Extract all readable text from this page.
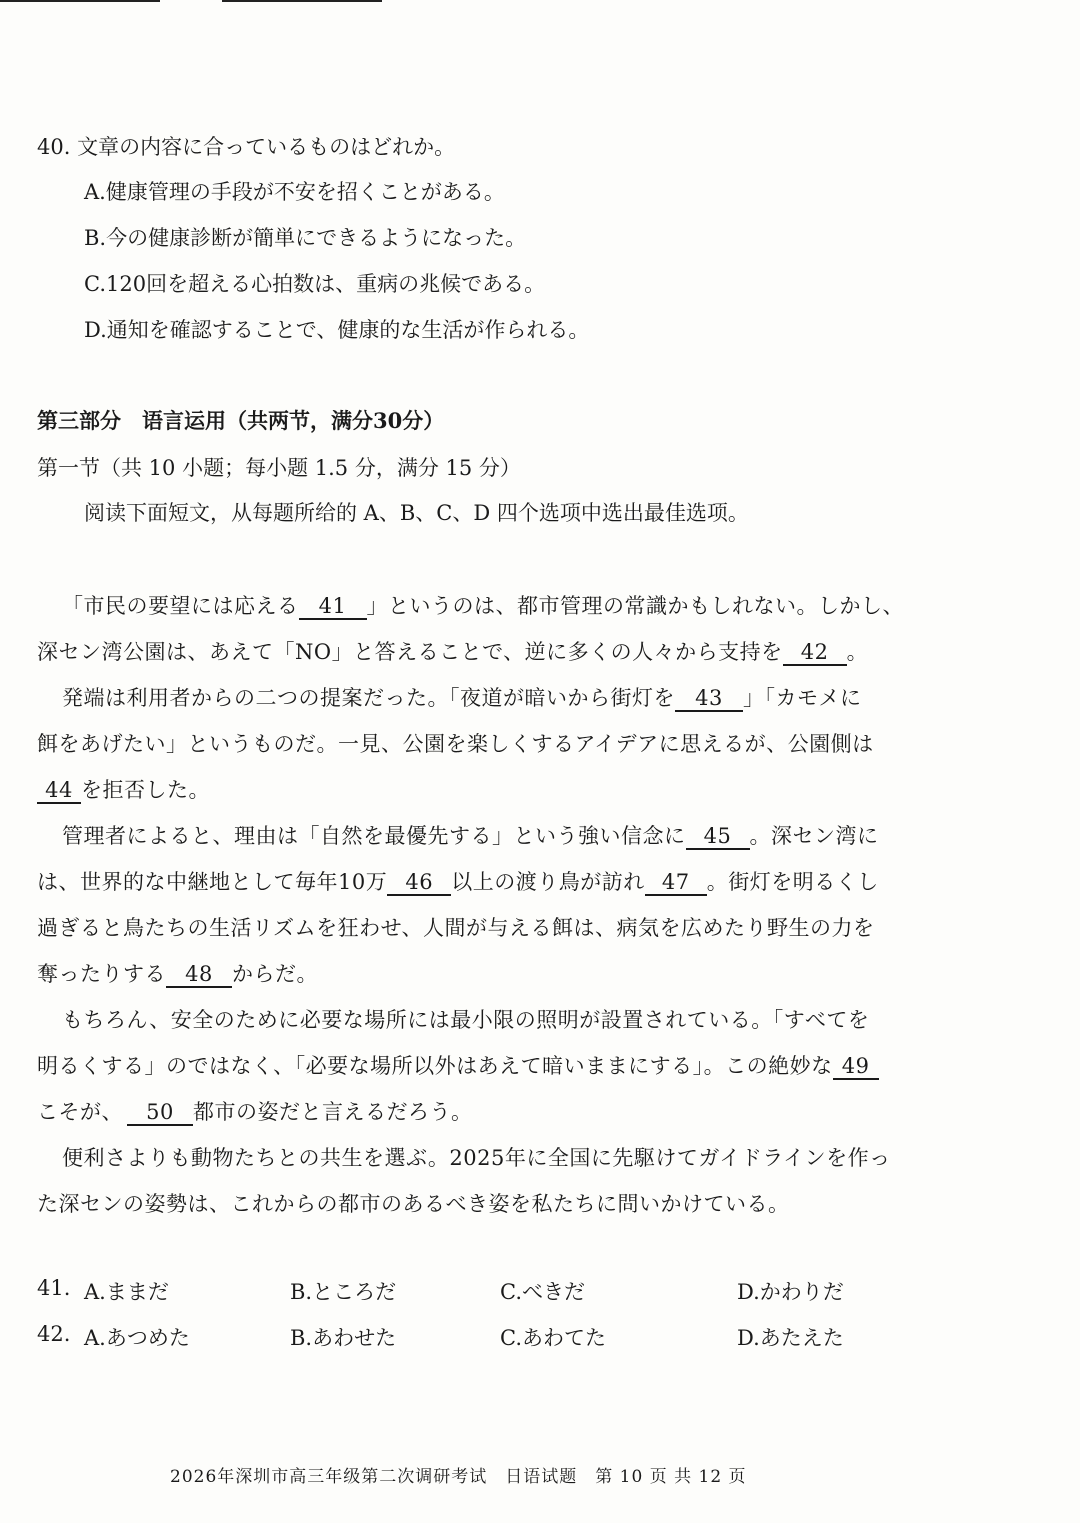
40. 文章の内容に合っているものはどれか。
A.健康管理の手段が不安を招くことがある。
B.今の健康診断が簡単にできるようになった。
C.120回を超える心拍数は、重病の兆候である。
D.通知を確認することで、健康的な生活が作られる。
第三部分　语言运用（共两节，满分30分）
第一节（共 10 小题；每小题 1.5 分，满分 15 分）
阅读下面短文，从每题所给的 A、B、C、D 四个选项中选出最佳选项。
「市民の要望には応える 41 」というのは、都市管理の常識かもしれない。しかし、
深セン湾公園は、あえて「NO」と答えることで、逆に多くの人々から支持を 42 。
発端は利用者からの二つの提案だった。「夜道が暗いから街灯を 43 」「カモメに
餌をあげたい」というものだ。一見、公園を楽しくするアイデアに思えるが、公園側は
44 を拒否した。
管理者によると、理由は「自然を最優先する」という強い信念に 45 。深セン湾に
は、世界的な中継地として毎年10万 46 以上の渡り鳥が訪れ 47 。街灯を明るくし
過ぎると鳥たちの生活リズムを狂わせ、人間が与える餌は、病気を広めたり野生の力を
奪ったりする 48 からだ。
もちろん、安全のために必要な場所には最小限の照明が設置されている。「すべてを
明るくする」のではなく、「必要な場所以外はあえて暗いままにする」。この絶妙な 49
こそが、 50 都市の姿だと言えるだろう。
便利さよりも動物たちとの共生を選ぶ。2025年に全国に先駆けてガイドラインを作っ
た深センの姿勢は、これからの都市のあるべき姿を私たちに問いかけている。
41. A.ままだ	B.ところだ	C.べきだ	D.かわりだ
42. A.あつめた	B.あわせた	C.あわてた	D.あたえた
2026年深圳市高三年级第二次调研考试　日语试题　第 10 页 共 12 页
